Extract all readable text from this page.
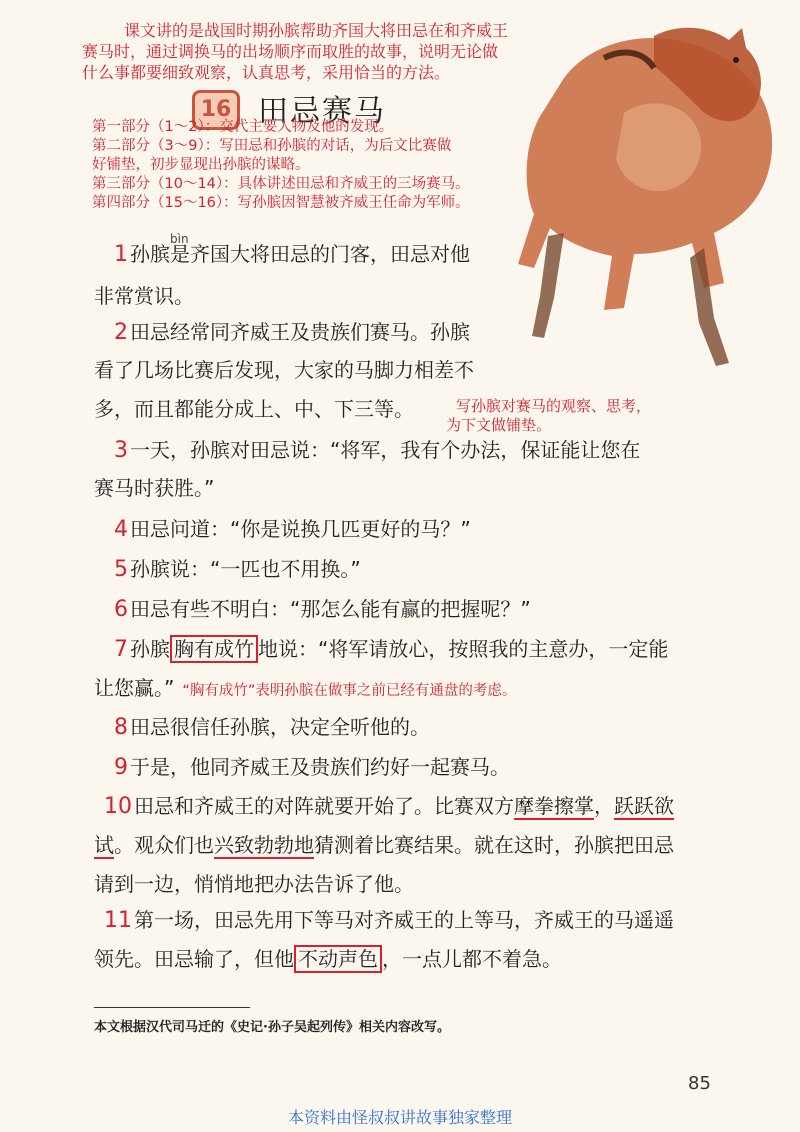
课文讲的是战国时期孙膑帮助齐国大将田忌在和齐威王
赛马时，通过调换马的出场顺序而取胜的故事，说明无论做
什么事都要细致观察，认真思考，采用恰当的方法。
16 田忌赛马
第一部分（1～2）：交代主要人物及他的发现。
第二部分（3～9）：写田忌和孙膑的对话，为后文比赛做
好铺垫，初步显现出孙膑的谋略。
第三部分（10～14）：具体讲述田忌和齐威王的三场赛马。
第四部分（15～16）：写孙膑因智慧被齐威王任命为军师。
bìn
1 孙膑是齐国大将田忌的门客，田忌对他
非常赏识。
2 田忌经常同齐威王及贵族们赛马。孙膑
看了几场比赛后发现，大家的马脚力相差不
多，而且都能分成上、中、下三等。	写孙膑对赛马的观察、思考，
为下文做铺垫。
3 一天，孙膑对田忌说：“将军，我有个办法，保证能让您在
赛马时获胜。”
4 田忌问道：“你是说换几匹更好的马？”
5 孙膑说：“一匹也不用换。”
6 田忌有些不明白：“那怎么能有赢的把握呢？”
7 孙膑 胸有成竹 地说：“将军请放心，按照我的主意办，一定能
让您赢。” “胸有成竹”表明孙膑在做事之前已经有通盘的考虑。
8 田忌很信任孙膑，决定全听他的。
9 于是，他同齐威王及贵族们约好一起赛马。
10 田忌和齐威王的对阵就要开始了。比赛双方摩拳擦掌，跃跃欲
试。观众们也兴致勃勃地猜测着比赛结果。就在这时，孙膑把田忌
请到一边，悄悄地把办法告诉了他。
11 第一场，田忌先用下等马对齐威王的上等马，齐威王的马遥遥
领先。田忌输了，但他 不动声色 ，一点儿都不着急。
本文根据汉代司马迁的《史记·孙子吴起列传》相关内容改写。
85
本资料由怪叔叔讲故事独家整理
